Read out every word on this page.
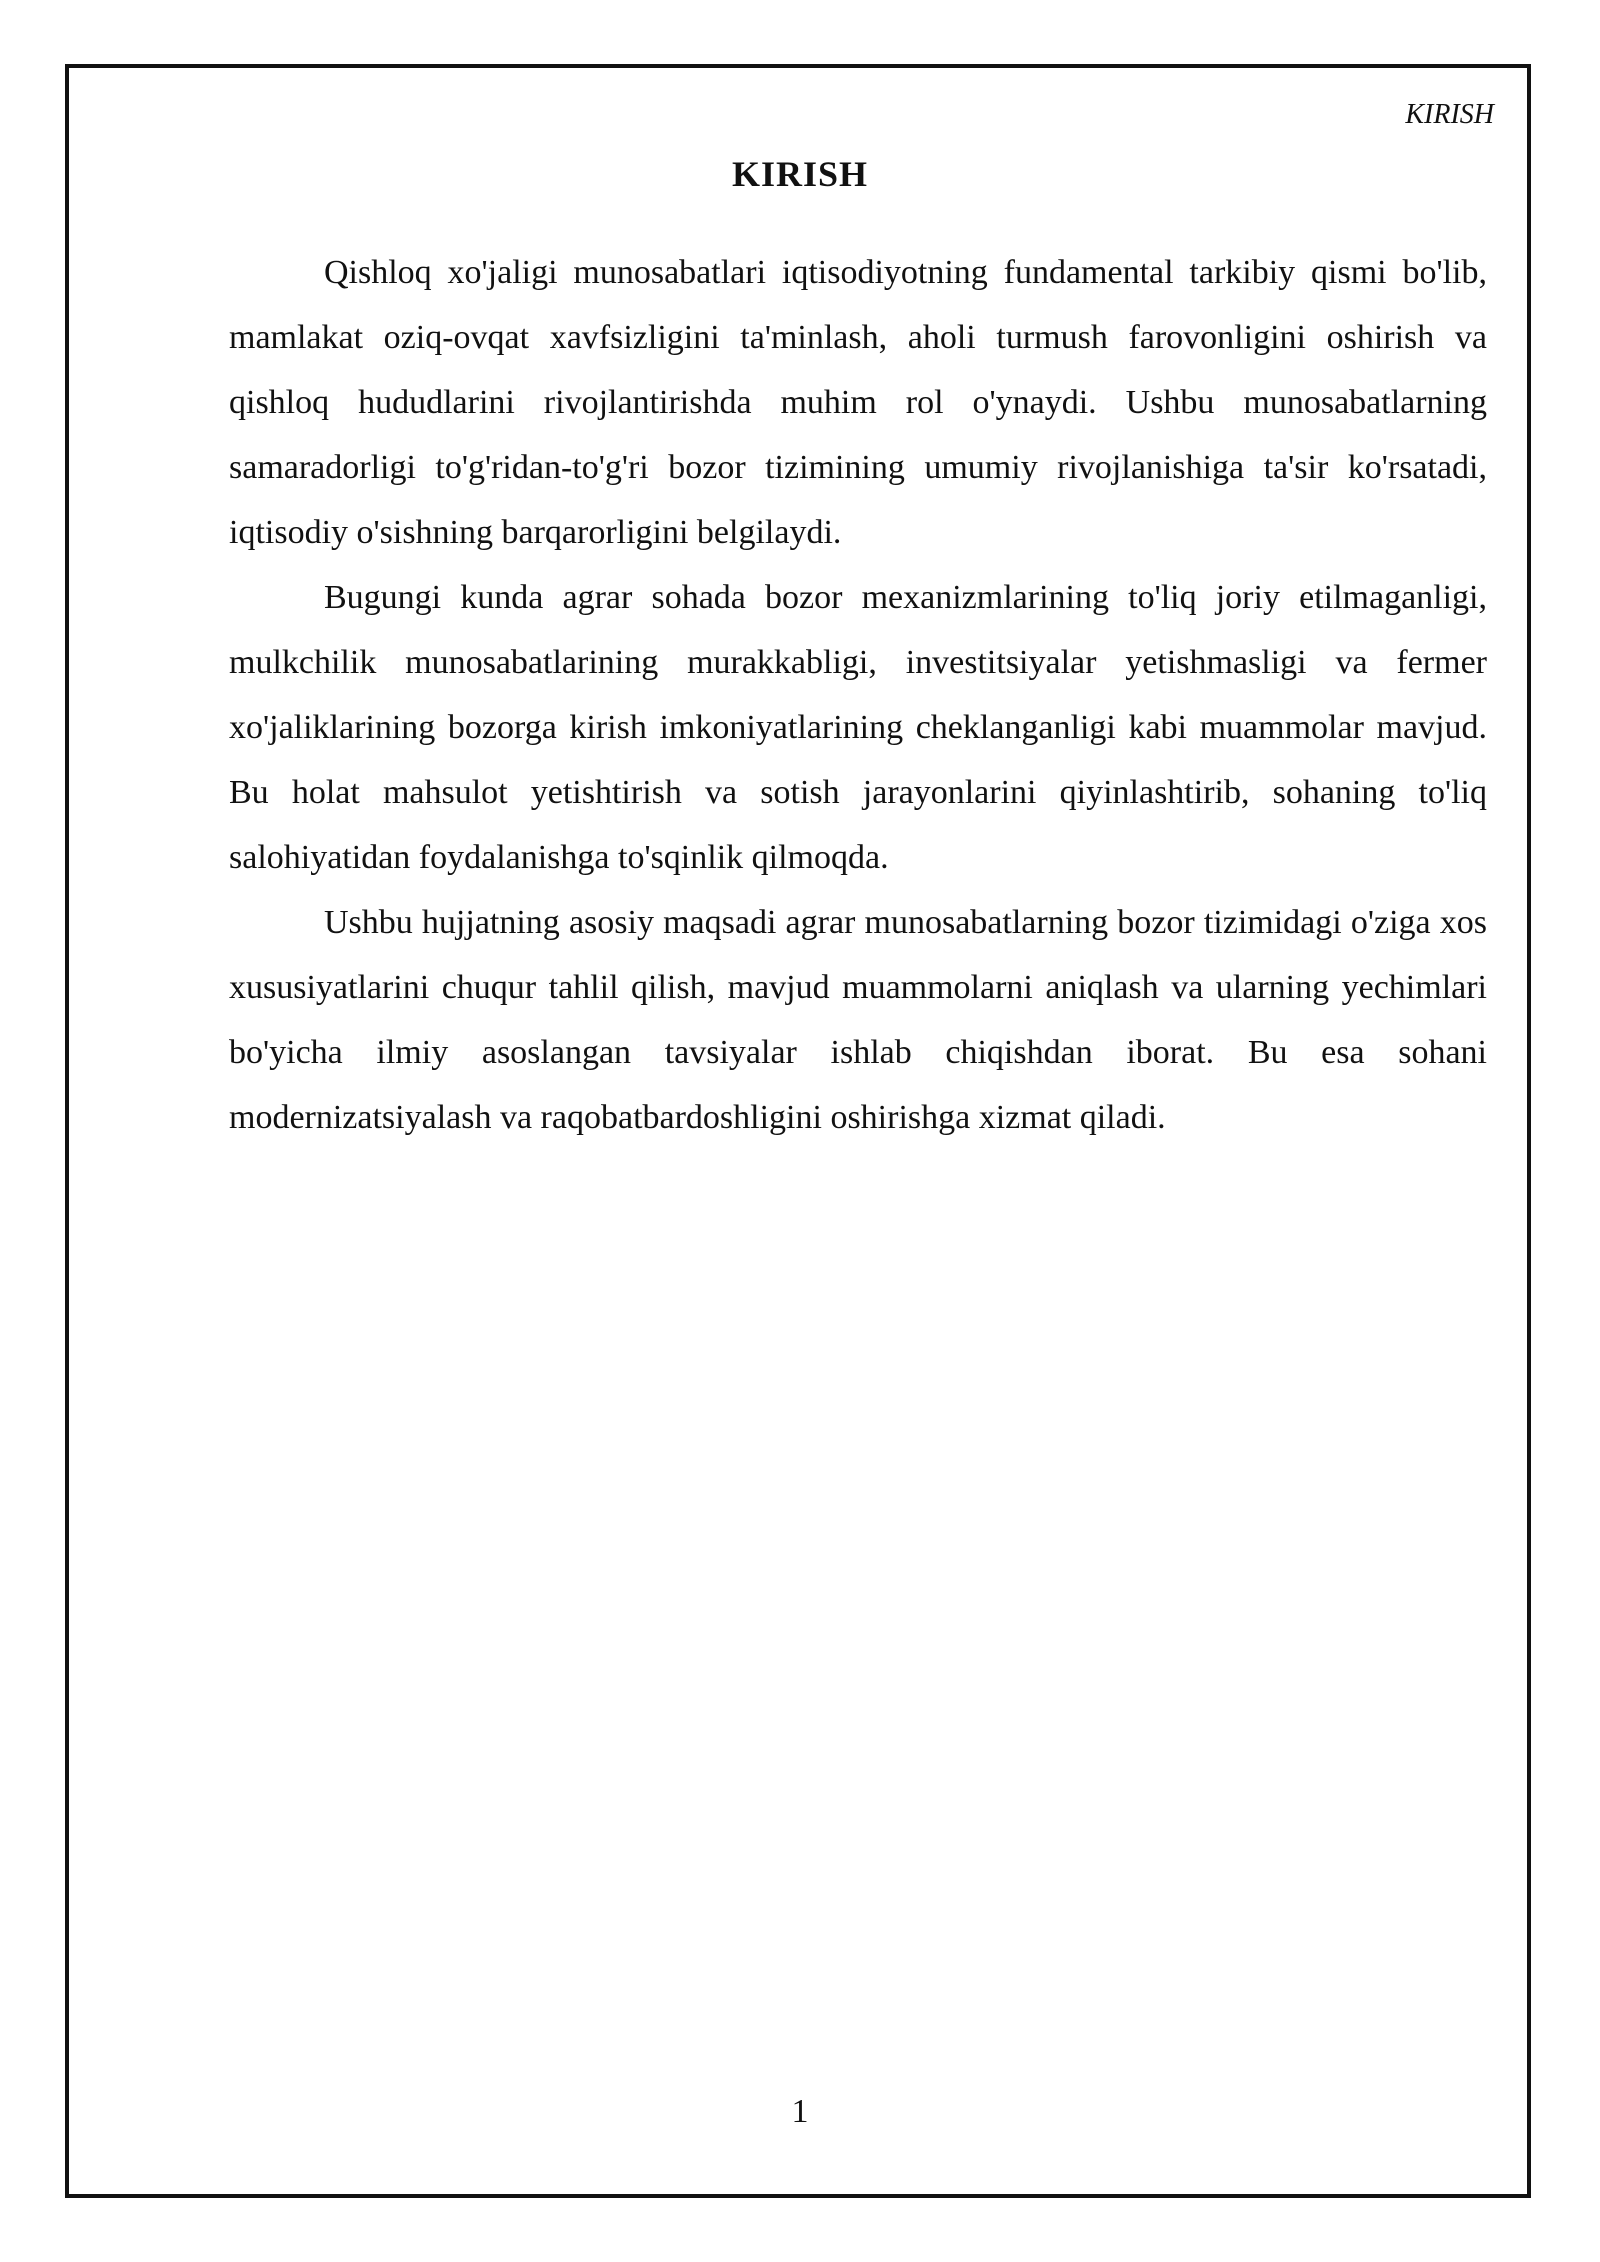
KIRISH
KIRISH

Qishloq xo'jaligi munosabatlari iqtisodiyotning fundamental tarkibiy qismi bo'lib, mamlakat oziq-ovqat xavfsizligini ta'minlash, aholi turmush farovonligini oshirish va qishloq hududlarini rivojlantirishda muhim rol o'ynaydi. Ushbu munosabatlarning samaradorligi to'g'ridan-to'g'ri bozor tizimining umumiy rivojlanishiga ta'sir ko'rsatadi, iqtisodiy o'sishning barqarorligini belgilaydi.

Bugungi kunda agrar sohada bozor mexanizmlarining to'liq joriy etilmaganligi, mulkchilik munosabatlarining murakkabligi, investitsiyalar yetishmasligi va fermer xo'jaliklarining bozorga kirish imkoniyatlarining cheklanganligi kabi muammolar mavjud. Bu holat mahsulot yetishtirish va sotish jarayonlarini qiyinlashtirib, sohaning to'liq salohiyatidan foydalanishga to'sqinlik qilmoqda.

Ushbu hujjatning asosiy maqsadi agrar munosabatlarning bozor tizimidagi o'ziga xos xususiyatlarini chuqur tahlil qilish, mavjud muammolarni aniqlash va ularning yechimlari bo'yicha ilmiy asoslangan tavsiyalar ishlab chiqishdan iborat. Bu esa sohani modernizatsiyalash va raqobatbardoshligini oshirishga xizmat qiladi.

1
